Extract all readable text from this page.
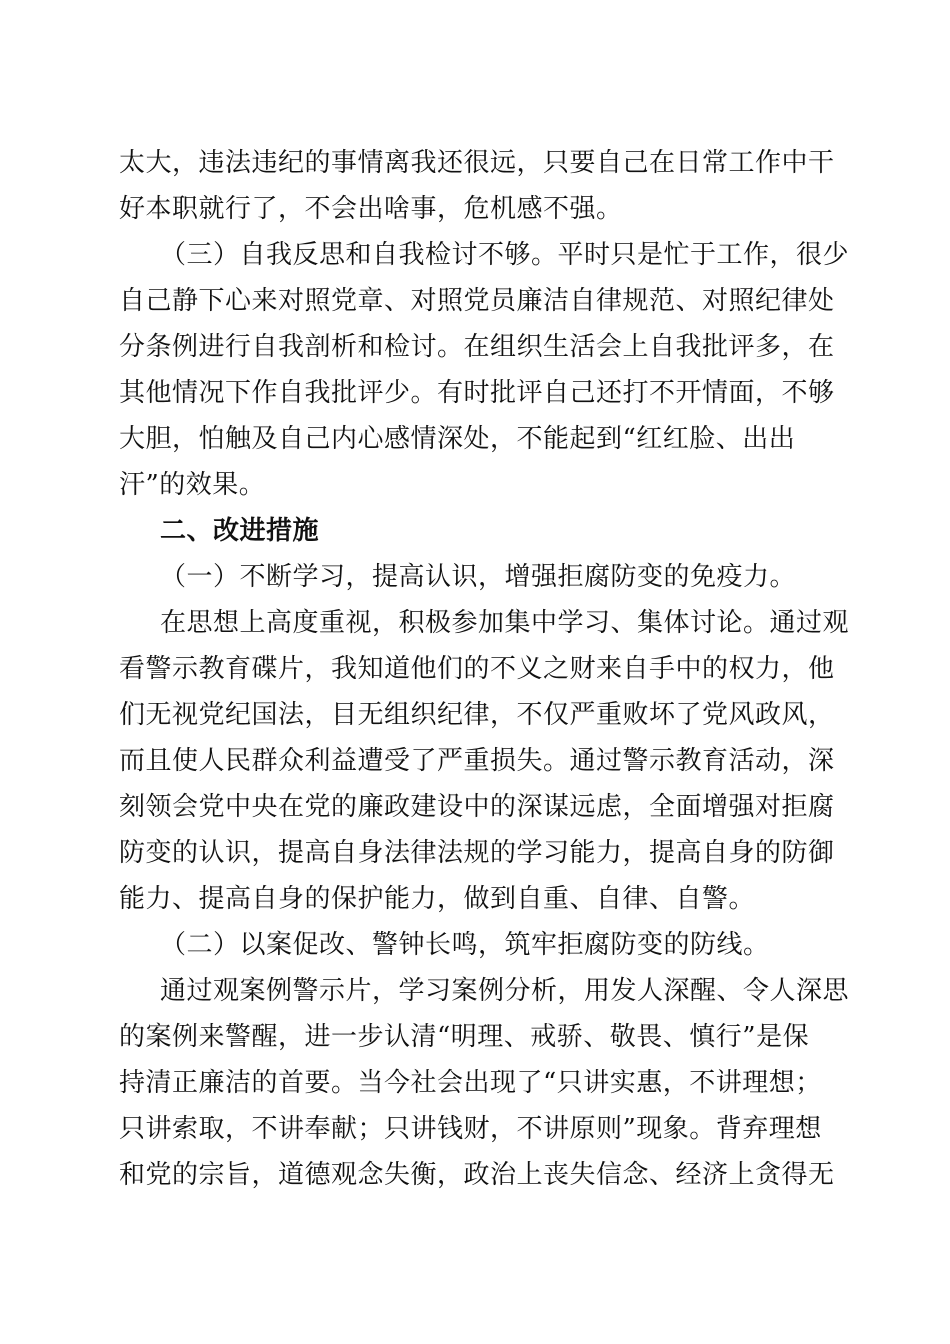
太大，违法违纪的事情离我还很远，只要自己在日常工作中干
好本职就行了，不会出啥事，危机感不强。
（三）自我反思和自我检讨不够。平时只是忙于工作，很少
自己静下心来对照党章、对照党员廉洁自律规范、对照纪律处
分条例进行自我剖析和检讨。在组织生活会上自我批评多，在
其他情况下作自我批评少。有时批评自己还打不开情面，不够
大胆，怕触及自己内心感情深处，不能起到“红红脸、出出
汗”的效果。
二、改进措施
（一）不断学习，提高认识，增强拒腐防变的免疫力。
在思想上高度重视，积极参加集中学习、集体讨论。通过观
看警示教育碟片，我知道他们的不义之财来自手中的权力，他
们无视党纪国法，目无组织纪律，不仅严重败坏了党风政风，
而且使人民群众利益遭受了严重损失。通过警示教育活动，深
刻领会党中央在党的廉政建设中的深谋远虑，全面增强对拒腐
防变的认识，提高自身法律法规的学习能力，提高自身的防御
能力、提高自身的保护能力，做到自重、自律、自警。
（二）以案促改、警钟长鸣，筑牢拒腐防变的防线。
通过观案例警示片，学习案例分析，用发人深醒、令人深思
的案例来警醒，进一步认清“明理、戒骄、敬畏、慎行”是保
持清正廉洁的首要。当今社会出现了“只讲实惠，不讲理想；
只讲索取，不讲奉献；只讲钱财，不讲原则”现象。背弃理想
和党的宗旨，道德观念失衡，政治上丧失信念、经济上贪得无
